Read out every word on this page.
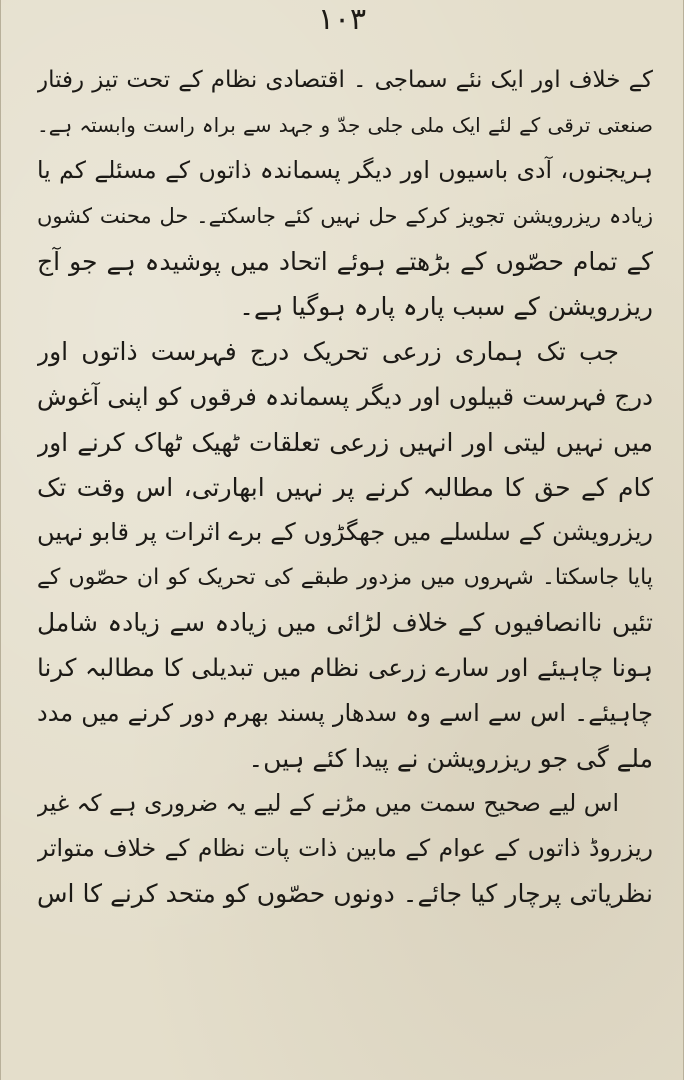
۱۰۳
کے خلاف اور ایک نئے سماجی ۔ اقتصادی نظام کے تحت تیز رفتار
صنعتی ترقی کے لئے ایک ملی جلی جدّ و جہد سے براہ راست وابستہ ہے۔
ہریجنوں، آدی باسیوں اور دیگر پسماندہ ذاتوں کے مسئلے کم یا
زیادہ ریزرویشن تجویز کرکے حل نہیں کئے جاسکتے۔ حل محنت کشوں
کے تمام حصّوں کے بڑھتے ہوئے اتحاد میں پوشیدہ ہے جو آج
ریزرویشن کے سبب پارہ پارہ ہوگیا ہے۔
جب تک ہماری زرعی تحریک درج فہرست ذاتوں اور
درج فہرست قبیلوں اور دیگر پسماندہ فرقوں کو اپنی آغوش
میں نہیں لیتی اور انہیں زرعی تعلقات ٹھیک ٹھاک کرنے اور
کام کے حق کا مطالبہ کرنے پر نہیں ابھارتی، اس وقت تک
ریزرویشن کے سلسلے میں جھگڑوں کے برے اثرات پر قابو نہیں
پایا جاسکتا۔ شہروں میں مزدور طبقے کی تحریک کو ان حصّوں کے
تئیں ناانصافیوں کے خلاف لڑائی میں زیادہ سے زیادہ شامل
ہونا چاہیئے اور سارے زرعی نظام میں تبدیلی کا مطالبہ کرنا
چاہیئے۔ اس سے اسے وہ سدھار پسند بھرم دور کرنے میں مدد
ملے گی جو ریزرویشن نے پیدا کئے ہیں۔
اس لیے صحیح سمت میں مڑنے کے لیے یہ ضروری ہے کہ غیر
ریزروڈ ذاتوں کے عوام کے مابین ذات پات نظام کے خلاف متواتر
نظریاتی پرچار کیا جائے۔ دونوں حصّوں کو متحد کرنے کا اس
